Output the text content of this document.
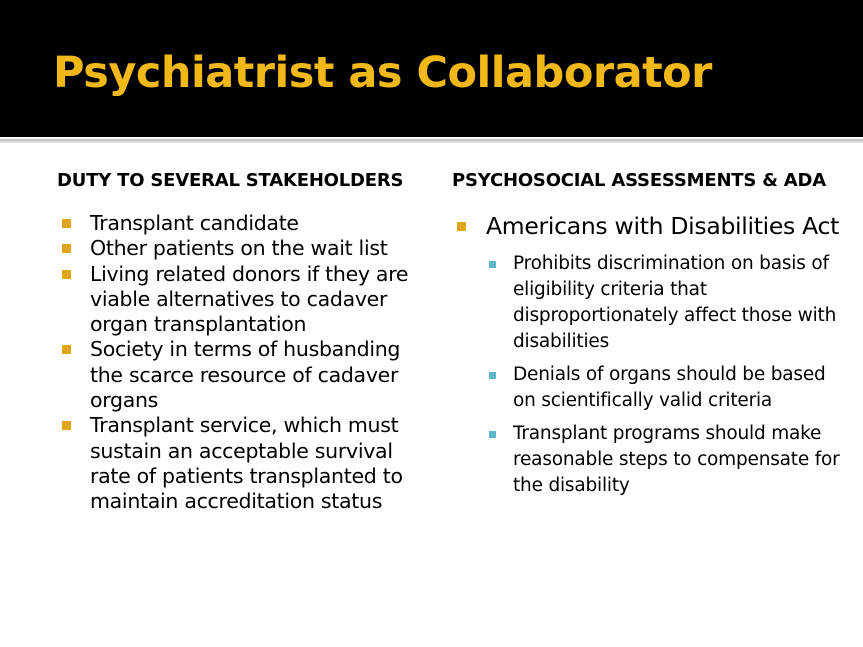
Psychiatrist as Collaborator
DUTY TO SEVERAL STAKEHOLDERS
Transplant candidate
Other patients on the wait list
Living related donors if they are viable alternatives to cadaver organ transplantation
Society in terms of husbanding the scarce resource of cadaver organs
Transplant service, which must sustain an acceptable survival rate of patients transplanted to maintain accreditation status
PSYCHOSOCIAL ASSESSMENTS & ADA
Americans with Disabilities Act
Prohibits discrimination on basis of eligibility criteria that disproportionately affect those with disabilities
Denials of organs should be based on scientifically valid criteria
Transplant programs should make reasonable steps to compensate for the disability
